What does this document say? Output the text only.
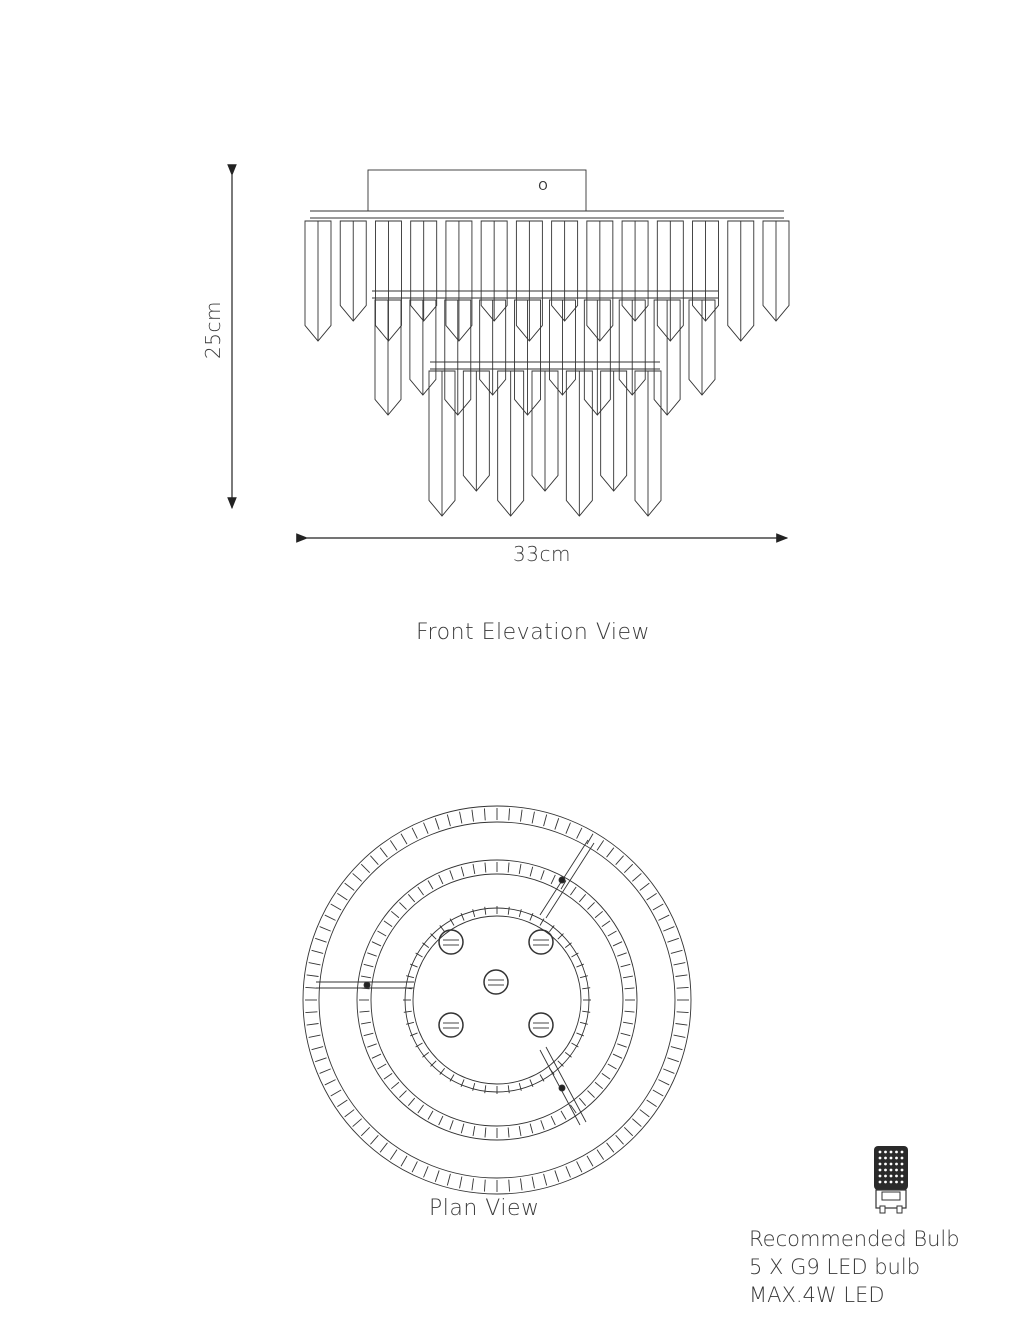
O
25cm
33cm
Front Elevation View
Plan View
Recommended Bulb
5 X G9 LED bulb
MAX.4W LED
